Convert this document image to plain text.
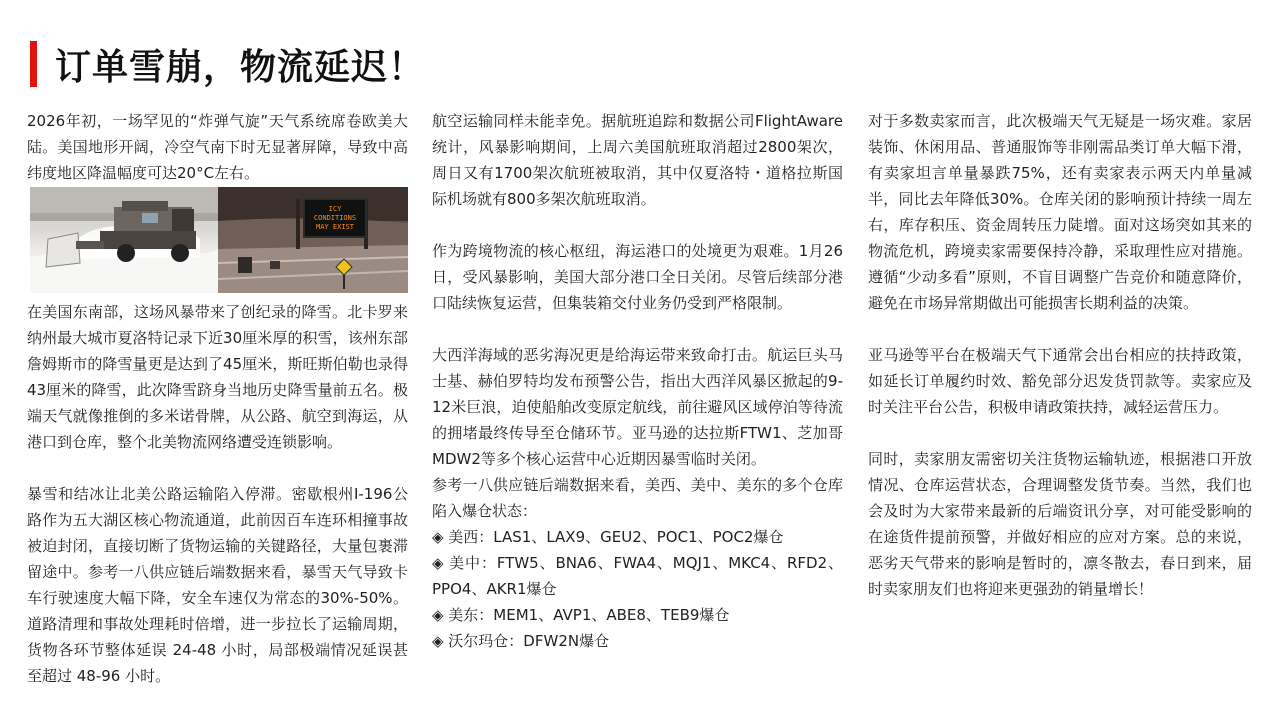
订单雪崩，物流延迟！

2026年初，一场罕见的“炸弹气旋”天气系统席卷欧美大陆。美国地形开阔，冷空气南下时无显著屏障，导致中高纬度地区降温幅度可达20°C左右。

ICY
CONDITIONS
MAY EXIST

在美国东南部，这场风暴带来了创纪录的降雪。北卡罗来纳州最大城市夏洛特记录下近30厘米厚的积雪，该州东部詹姆斯市的降雪量更是达到了45厘米，斯旺斯伯勒也录得43厘米的降雪，此次降雪跻身当地历史降雪量前五名。极端天气就像推倒的多米诺骨牌，从公路、航空到海运，从港口到仓库，整个北美物流网络遭受连锁影响。

暴雪和结冰让北美公路运输陷入停滞。密歇根州I-196公路作为五大湖区核心物流通道，此前因百车连环相撞事故被迫封闭，直接切断了货物运输的关键路径，大量包裹滞留途中。参考一八供应链后端数据来看，暴雪天气导致卡车行驶速度大幅下降，安全车速仅为常态的30%-50%。道路清理和事故处理耗时倍增，进一步拉长了运输周期，货物各环节整体延误 24-48 小时，局部极端情况延误甚至超过 48-96 小时。

航空运输同样未能幸免。据航班追踪和数据公司FlightAware统计，风暴影响期间，上周六美国航班取消超过2800架次，周日又有1700架次航班被取消，其中仅夏洛特・道格拉斯国际机场就有800多架次航班取消。

作为跨境物流的核心枢纽，海运港口的处境更为艰难。1月26日，受风暴影响，美国大部分港口全日关闭。尽管后续部分港口陆续恢复运营，但集装箱交付业务仍受到严格限制。

大西洋海域的恶劣海况更是给海运带来致命打击。航运巨头马士基、赫伯罗特均发布预警公告，指出大西洋风暴区掀起的9-12米巨浪，迫使船舶改变原定航线，前往避风区域停泊等待流的拥堵最终传导至仓储环节。亚马逊的达拉斯FTW1、芝加哥MDW2等多个核心运营中心近期因暴雪临时关闭。

参考一八供应链后端数据来看，美西、美中、美东的多个仓库陷入爆仓状态：

◈ 美西：LAS1、LAX9、GEU2、POC1、POC2爆仓

◈ 美中：FTW5、BNA6、FWA4、MQJ1、MKC4、RFD2、PPO4、AKR1爆仓

◈ 美东：MEM1、AVP1、ABE8、TEB9爆仓

◈ 沃尔玛仓：DFW2N爆仓

对于多数卖家而言，此次极端天气无疑是一场灾难。家居装饰、休闲用品、普通服饰等非刚需品类订单大幅下滑，有卖家坦言单量暴跌75%，还有卖家表示两天内单量减半，同比去年降低30%。仓库关闭的影响预计持续一周左右，库存积压、资金周转压力陡增。面对这场突如其来的物流危机，跨境卖家需要保持冷静，采取理性应对措施。遵循“少动多看”原则，不盲目调整广告竞价和随意降价，避免在市场异常期做出可能损害长期利益的决策。

亚马逊等平台在极端天气下通常会出台相应的扶持政策，如延长订单履约时效、豁免部分迟发货罚款等。卖家应及时关注平台公告，积极申请政策扶持，减轻运营压力。

同时，卖家朋友需密切关注货物运输轨迹，根据港口开放情况、仓库运营状态，合理调整发货节奏。当然，我们也会及时为大家带来最新的后端资讯分享，对可能受影响的在途货件提前预警，并做好相应的应对方案。总的来说，恶劣天气带来的影响是暂时的，凛冬散去，春日到来，届时卖家朋友们也将迎来更强劲的销量增长！
